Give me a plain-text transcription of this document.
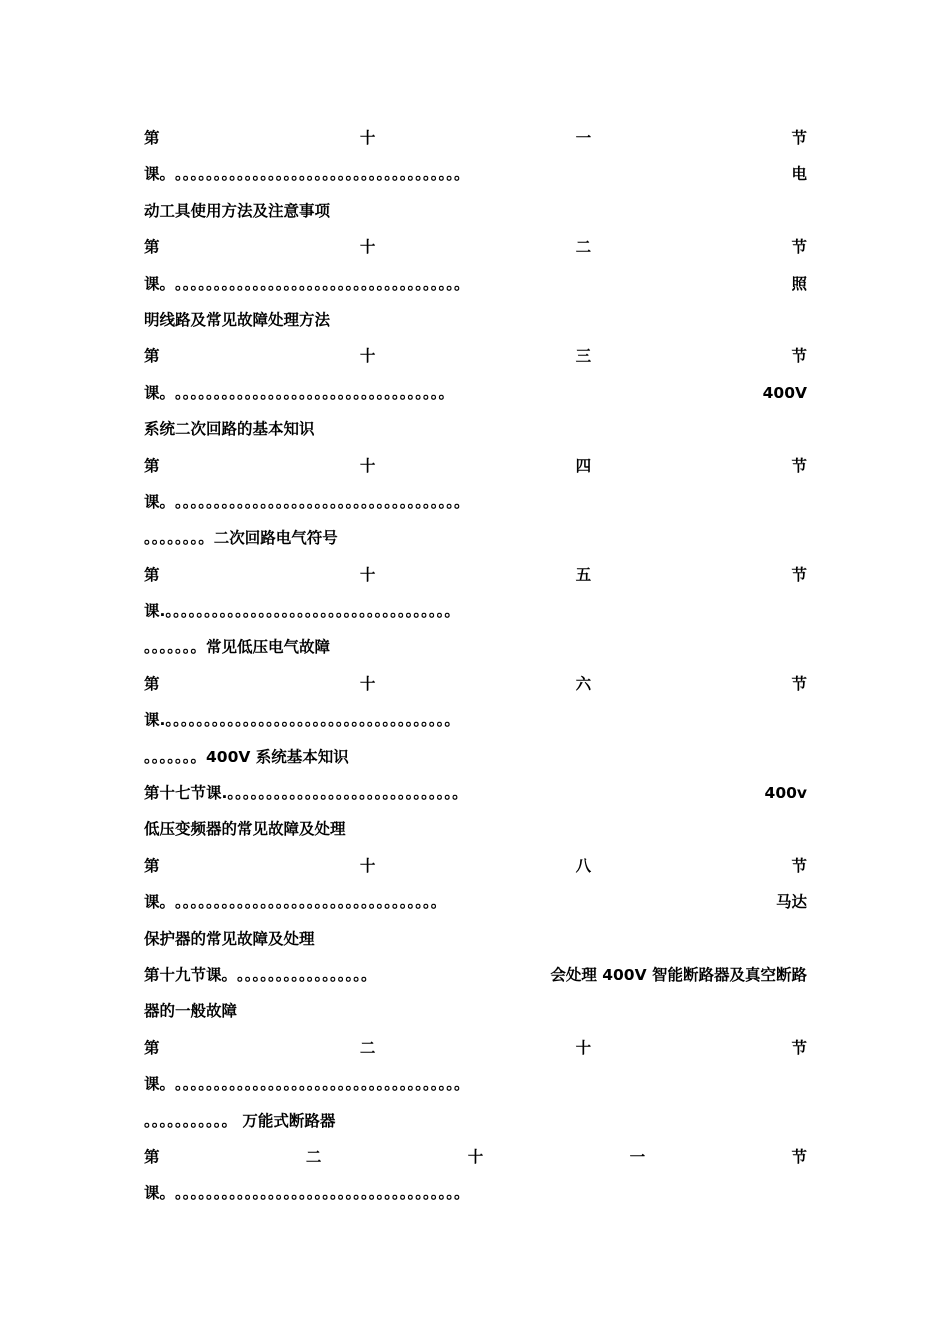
第	十	一	节
课。 。。。。。。。。。。。。。。。。。。。。。。。。。。。。。。。。。。。。。	电
动工具使用方法及注意事项
第	十	二	节
课。 。。。。。。。。。。。。。。。。。。。。。。。。。。。。。。。。。。。。。	照
明线路及常见故障处理方法
第	十	三	节
课。 。。。。。。。。。。。。。。。。。。。。。。。。。。。。。。。。。。。	400V
系统二次回路的基本知识
第	十	四	节
课。 。。。。。。。。。。。。。。。。。。。。。。。。。。。。。。。。。。。。。
。。。。。。。。二次回路电气符号
第	十	五	节
课. 。。。。。。。。。。。。。。。。。。。。。。。。。。。。。。。。。。。。。
。。。。。。。常见低压电气故障
第	十	六	节
课. 。。。。。。。。。。。。。。。。。。。。。。。。。。。。。。。。。。。。。
。。。。。。。400V 系统基本知识
第十七节课. 。。。。。。。。。。。。。。。。。。。。。。。。。。。。。。	400v
低压变频器的常见故障及处理
第	十	八	节
课。 。。。。。。。。。。。。。。。。。。。。。。。。。。。。。。。。。。	马达
保护器的常见故障及处理
第十九节课。 。。。。。。。。。。。。。。。。。	会处理 400V 智能断路器及真空断路
器的一般故障
第	二	十	节
课。 。。。。。。。。。。。。。。。。。。。。。。。。。。。。。。。。。。。。。
。。。。。。。。。。。 万能式断路器
第	二	十	一	节
课。 。。。。。。。。。。。。。。。。。。。。。。。。。。。。。。。。。。。。。
